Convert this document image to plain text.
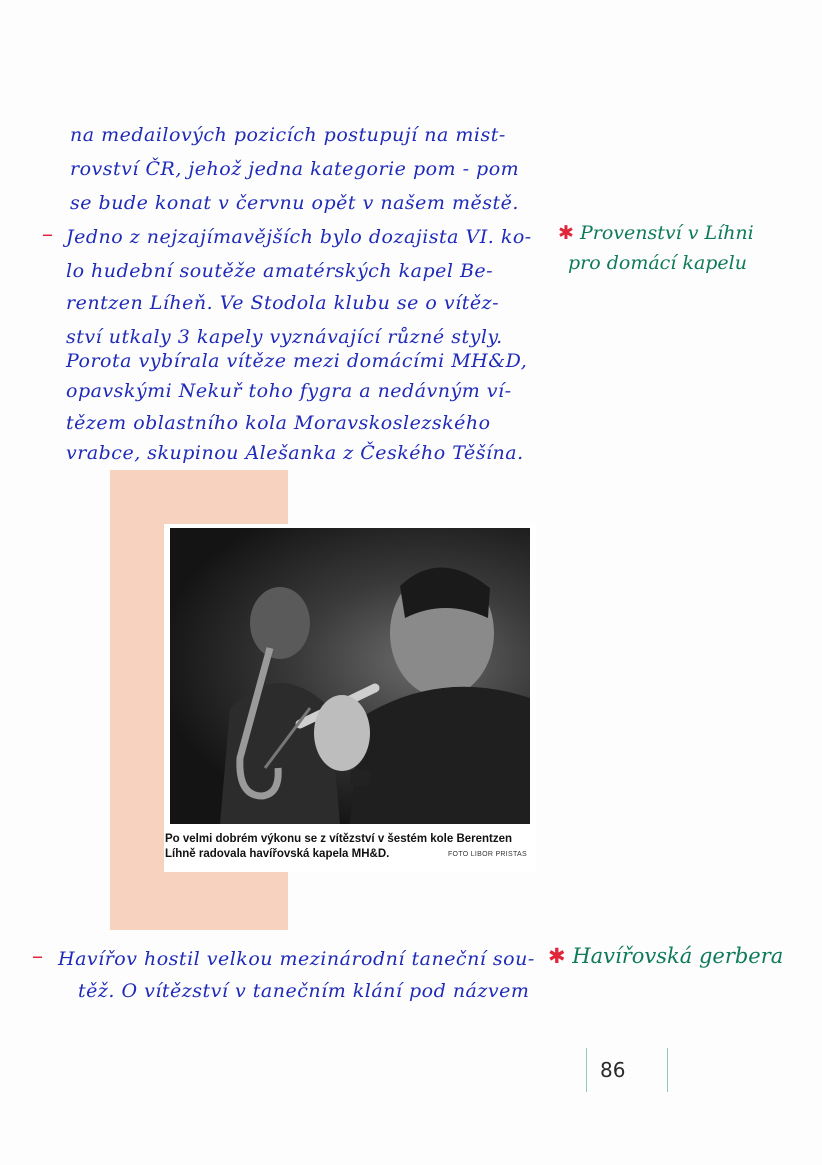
na medailových pozicích postupují na mist-
rovství ČR, jehož jedna kategorie pom - pom
se bude konat v červnu opět v našem městě.
– Jedno z nejzajímavějších bylo dozajista VI. ko-
lo hudební soutěže amatérských kapel Be-
rentzen Líheň. Ve Stodola klubu se o vítěz-
ství utkaly 3 kapely vyznávající různé styly.
Porota vybírala vítěze mezi domácími MH&D,
opavskými Nekuř toho fygra a nedávným ví-
tězem oblastního kola Moravskoslezského
vrabce, skupinou Alešanka z Českého Těšína.
– Havířov hostil velkou mezinárodní taneční sou-
těž. O vítězství v tanečním klání pod názvem
✱ Provenství v Líhni
pro domácí kapelu
✱ Havířovská gerbera
Po velmi dobrém výkonu se z vítězství v šestém kole Berentzen
Líhně radovala havířovská kapela MH&D.	FOTO LIBOR PRISTAS
86
